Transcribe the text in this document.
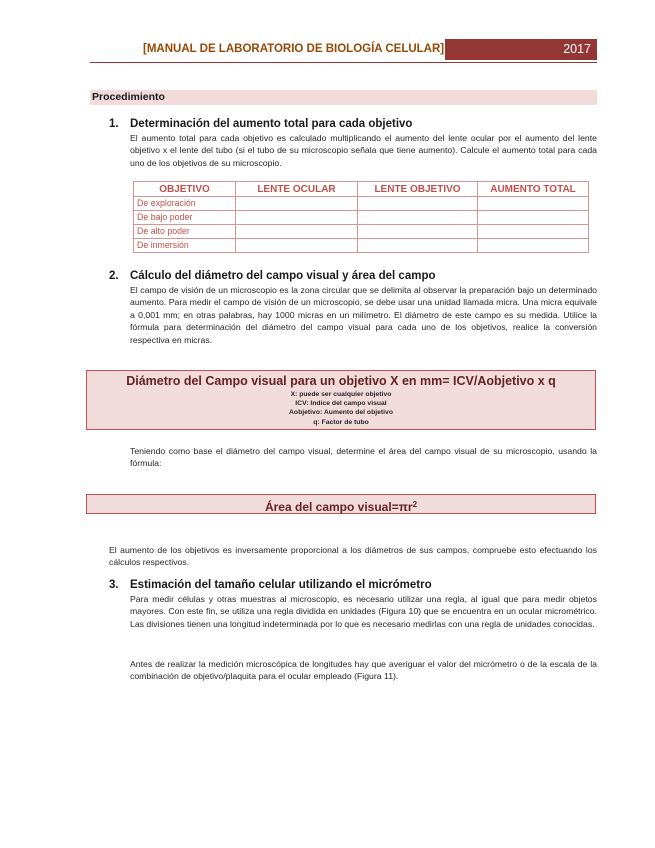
[MANUAL DE LABORATORIO DE BIOLOGÍA CELULAR]	2017
Procedimiento
1. Determinación del aumento total para cada objetivo
El aumento total para cada objetivo es calculado multiplicando el aumento del lente ocular por el aumento del lente objetivo x el lente del tubo (si el tubo de su microscopio señala que tiene aumento). Calcule el aumento total para cada uno de los objetivos de su microscopio.
OBJETIVO	LENTE OCULAR	LENTE OBJETIVO	AUMENTO TOTAL
De exploración			
De bajo poder			
De alto poder			
De inmersión			
2. Cálculo del diámetro del campo visual y área del campo
El campo de visión de un microscopio es la zona circular que se delimita al observar la preparación bajo un determinado aumento. Para medir el campo de visión de un microscopio, se debe usar una unidad llamada micra. Una micra equivale a 0,001 mm; en otras palabras, hay 1000 micras en un milímetro. El diámetro de este campo es su medida. Utilice la fórmula para determinación del diámetro del campo visual para cada uno de los objetivos, realice la conversión respectiva en micras.
Diámetro del Campo visual para un objetivo X en mm= ICV/Aobjetivo x q
X: puede ser cualquier objetivo
ICV: Indice del campo visual
Aobjetivo: Aumento del objetivo
q: Factor de tubo
Teniendo como base el diámetro del campo visual, determine el área del campo visual de su microscopio, usando la fórmula:
Área del campo $visual=\pi r^2$
El aumento de los objetivos es inversamente proporcional a los diámetros de sus campos, compruebe esto efectuando los cálculos respectivos.
3. Estimación del tamaño celular utilizando el micrómetro
Para medir células y otras muestras al microscopio, es necesario utilizar una regla, al igual que para medir objetos mayores. Con este fin, se utiliza una regla dividida en unidades (Figura 10) que se encuentra en un ocular micrométrico. Las divisiones tienen una longitud indeterminada por lo que es necesario medirlas con una regla de unidades conocidas.
Antes de realizar la medición microscópica de longitudes hay que averiguar el valor del micrómetro o de la escala de la combinación de objetivo/plaquita para el ocular empleado (Figura 11).
